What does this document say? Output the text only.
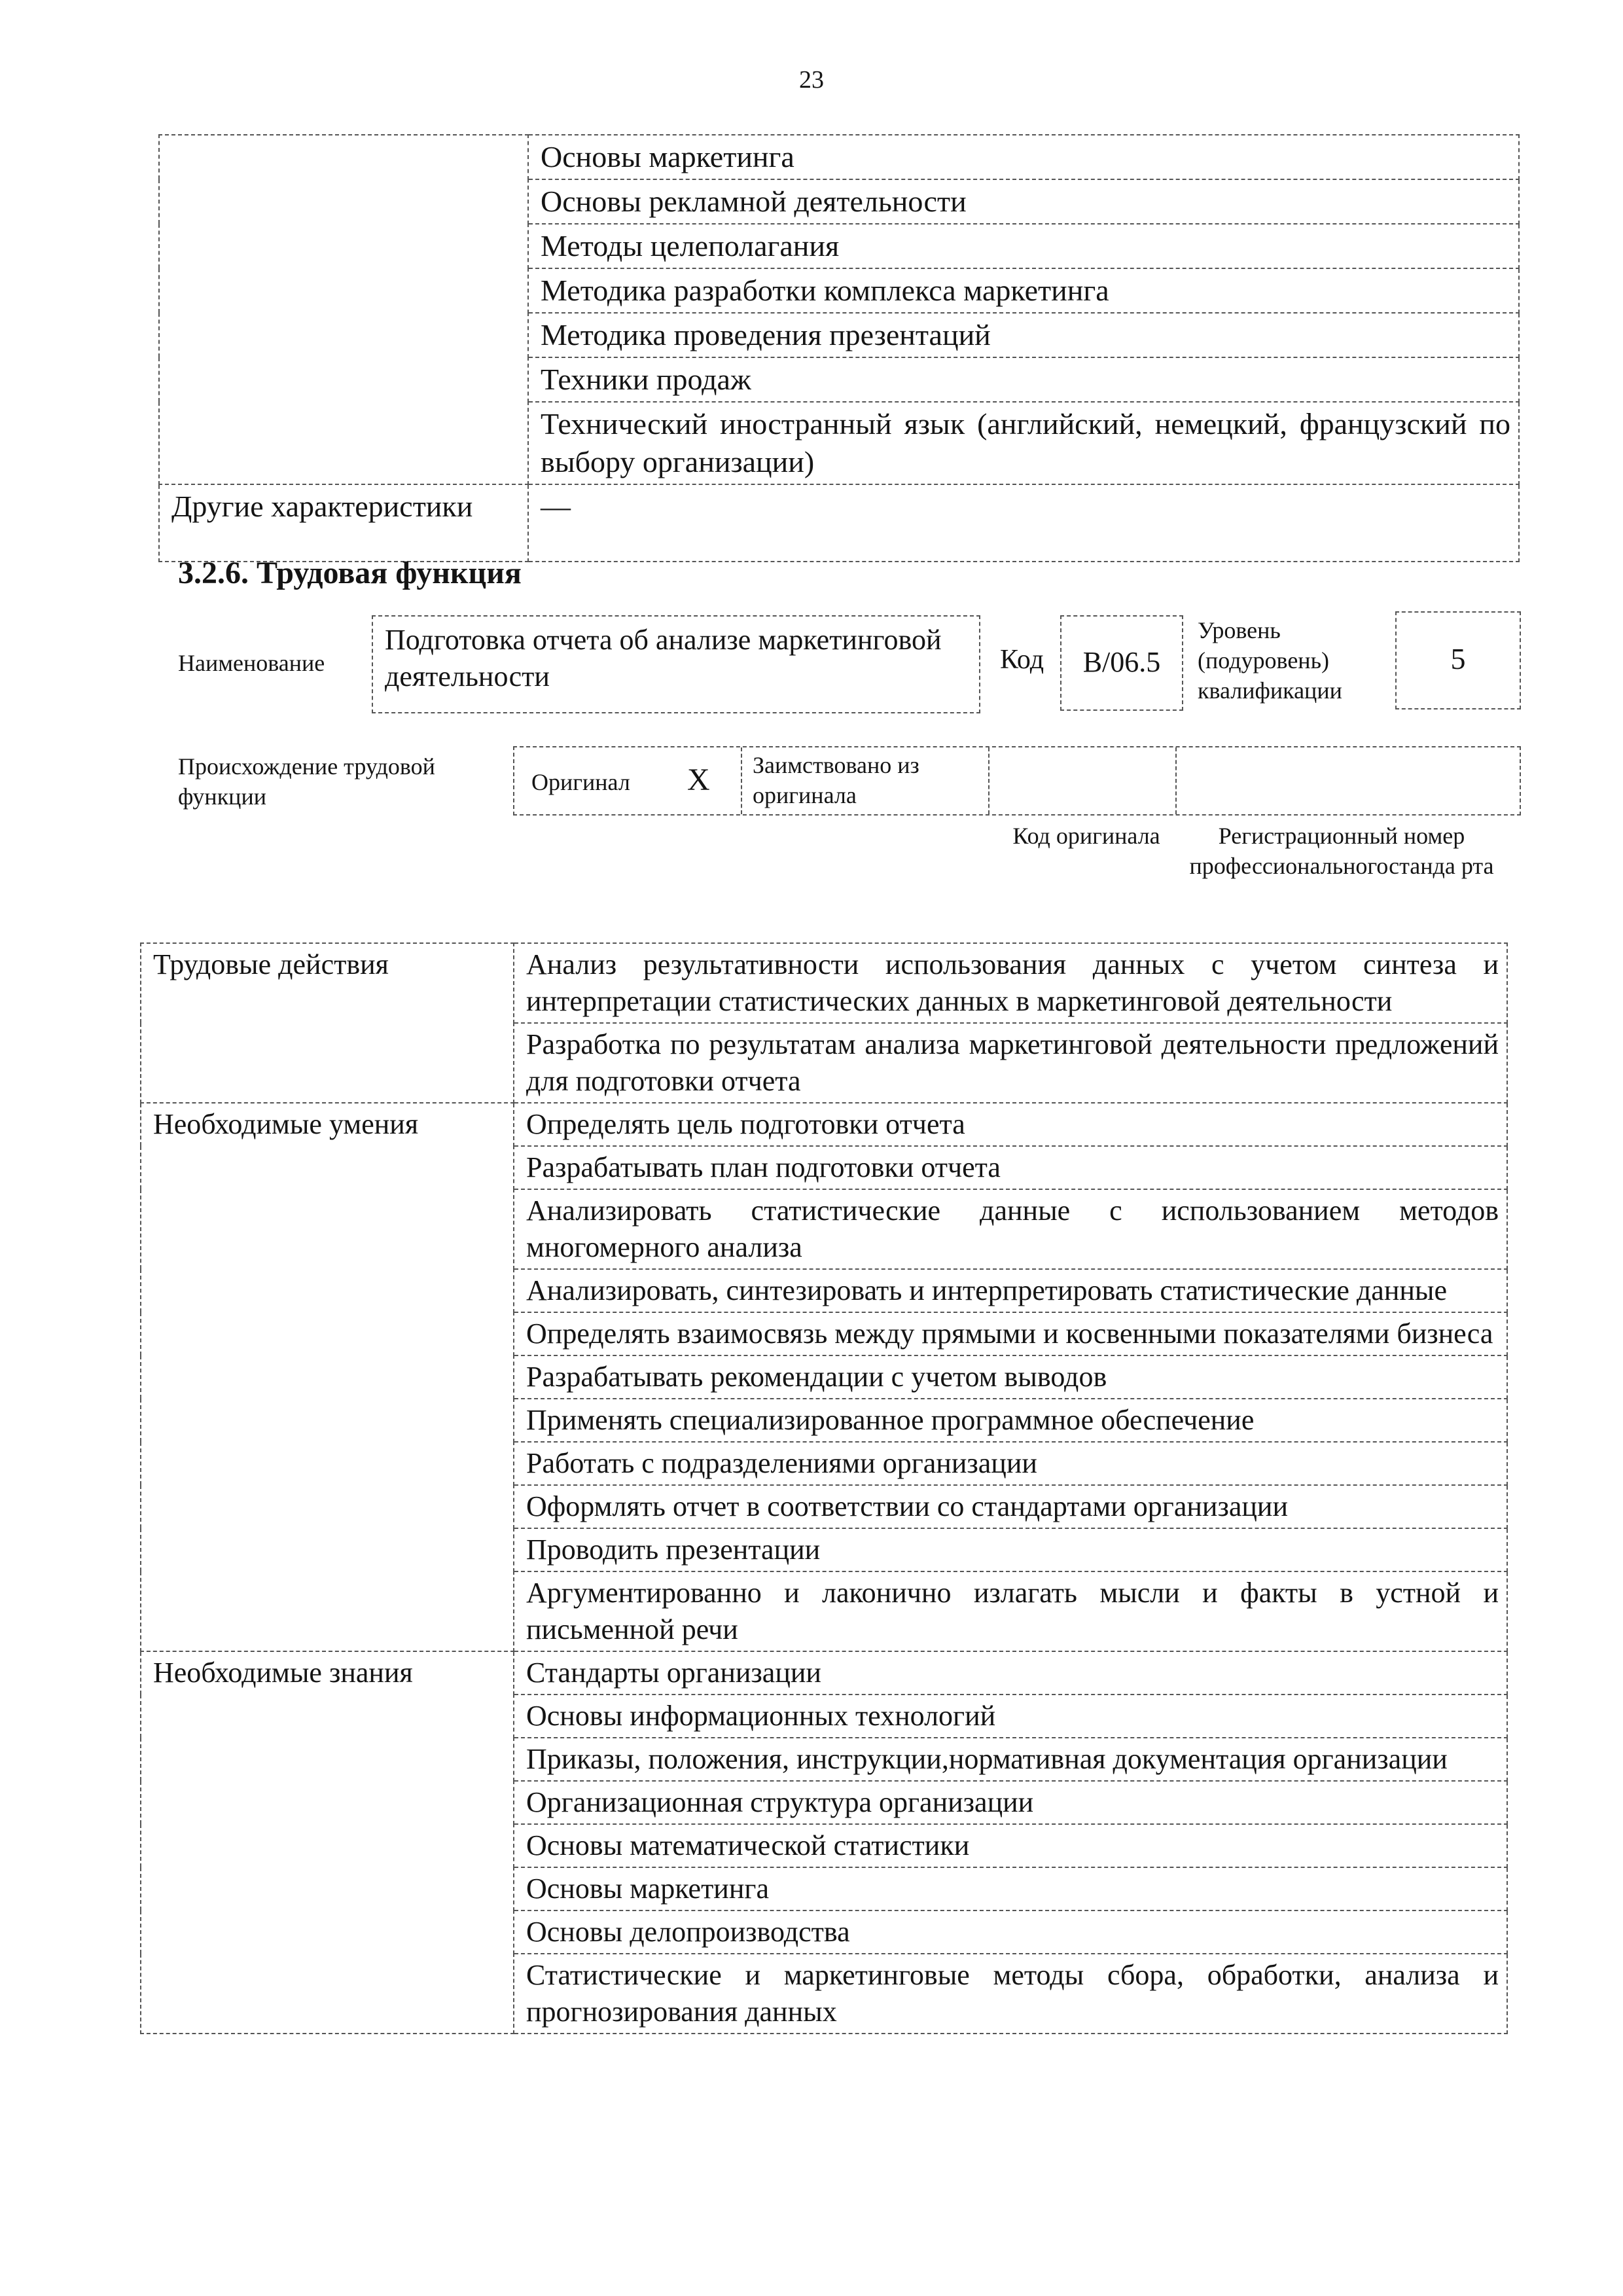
23
	Основы маркетинга
	Основы рекламной деятельности
	Методы целеполагания
	Методика разработки комплекса маркетинга
	Методика проведения презентаций
	Техники продаж
	Технический иностранный язык (английский, немецкий, французский по выбору организации)
Другие характеристики	—
3.2.6. Трудовая функция
Наименование
Подготовка отчета об анализе маркетинговой деятельности
Код	В/06.5
Уровень (подуровень) квалификации
5
Происхождение трудовой функции
Оригинал X Заимствовано из оригинала
Код оригинала	Регистрационный номер профессиональногостанда рта
Трудовые действия	Анализ результативности использования данных с учетом синтеза и интерпретации статистических данных в маркетинговой деятельности
	Разработка по результатам анализа маркетинговой деятельности предложений для подготовки отчета
Необходимые умения	Определять цель подготовки отчета
	Разрабатывать план подготовки отчета
	Анализировать статистические данные с использованием методов многомерного анализа
	Анализировать, синтезировать и интерпретировать статистические данные
	Определять взаимосвязь между прямыми и косвенными показателями бизнеса
	Разрабатывать рекомендации с учетом выводов
	Применять специализированное программное обеспечение
	Работать с подразделениями организации
	Оформлять отчет в соответствии со стандартами организации
	Проводить презентации
	Аргументированно и лаконично излагать мысли и факты в устной и письменной речи
Необходимые знания	Стандарты организации
	Основы информационных технологий
	Приказы, положения, инструкции,нормативная документация организации
	Организационная структура организации
	Основы математической статистики
	Основы маркетинга
	Основы делопроизводства
	Статистические и маркетинговые методы сбора, обработки, анализа и прогнозирования данных
